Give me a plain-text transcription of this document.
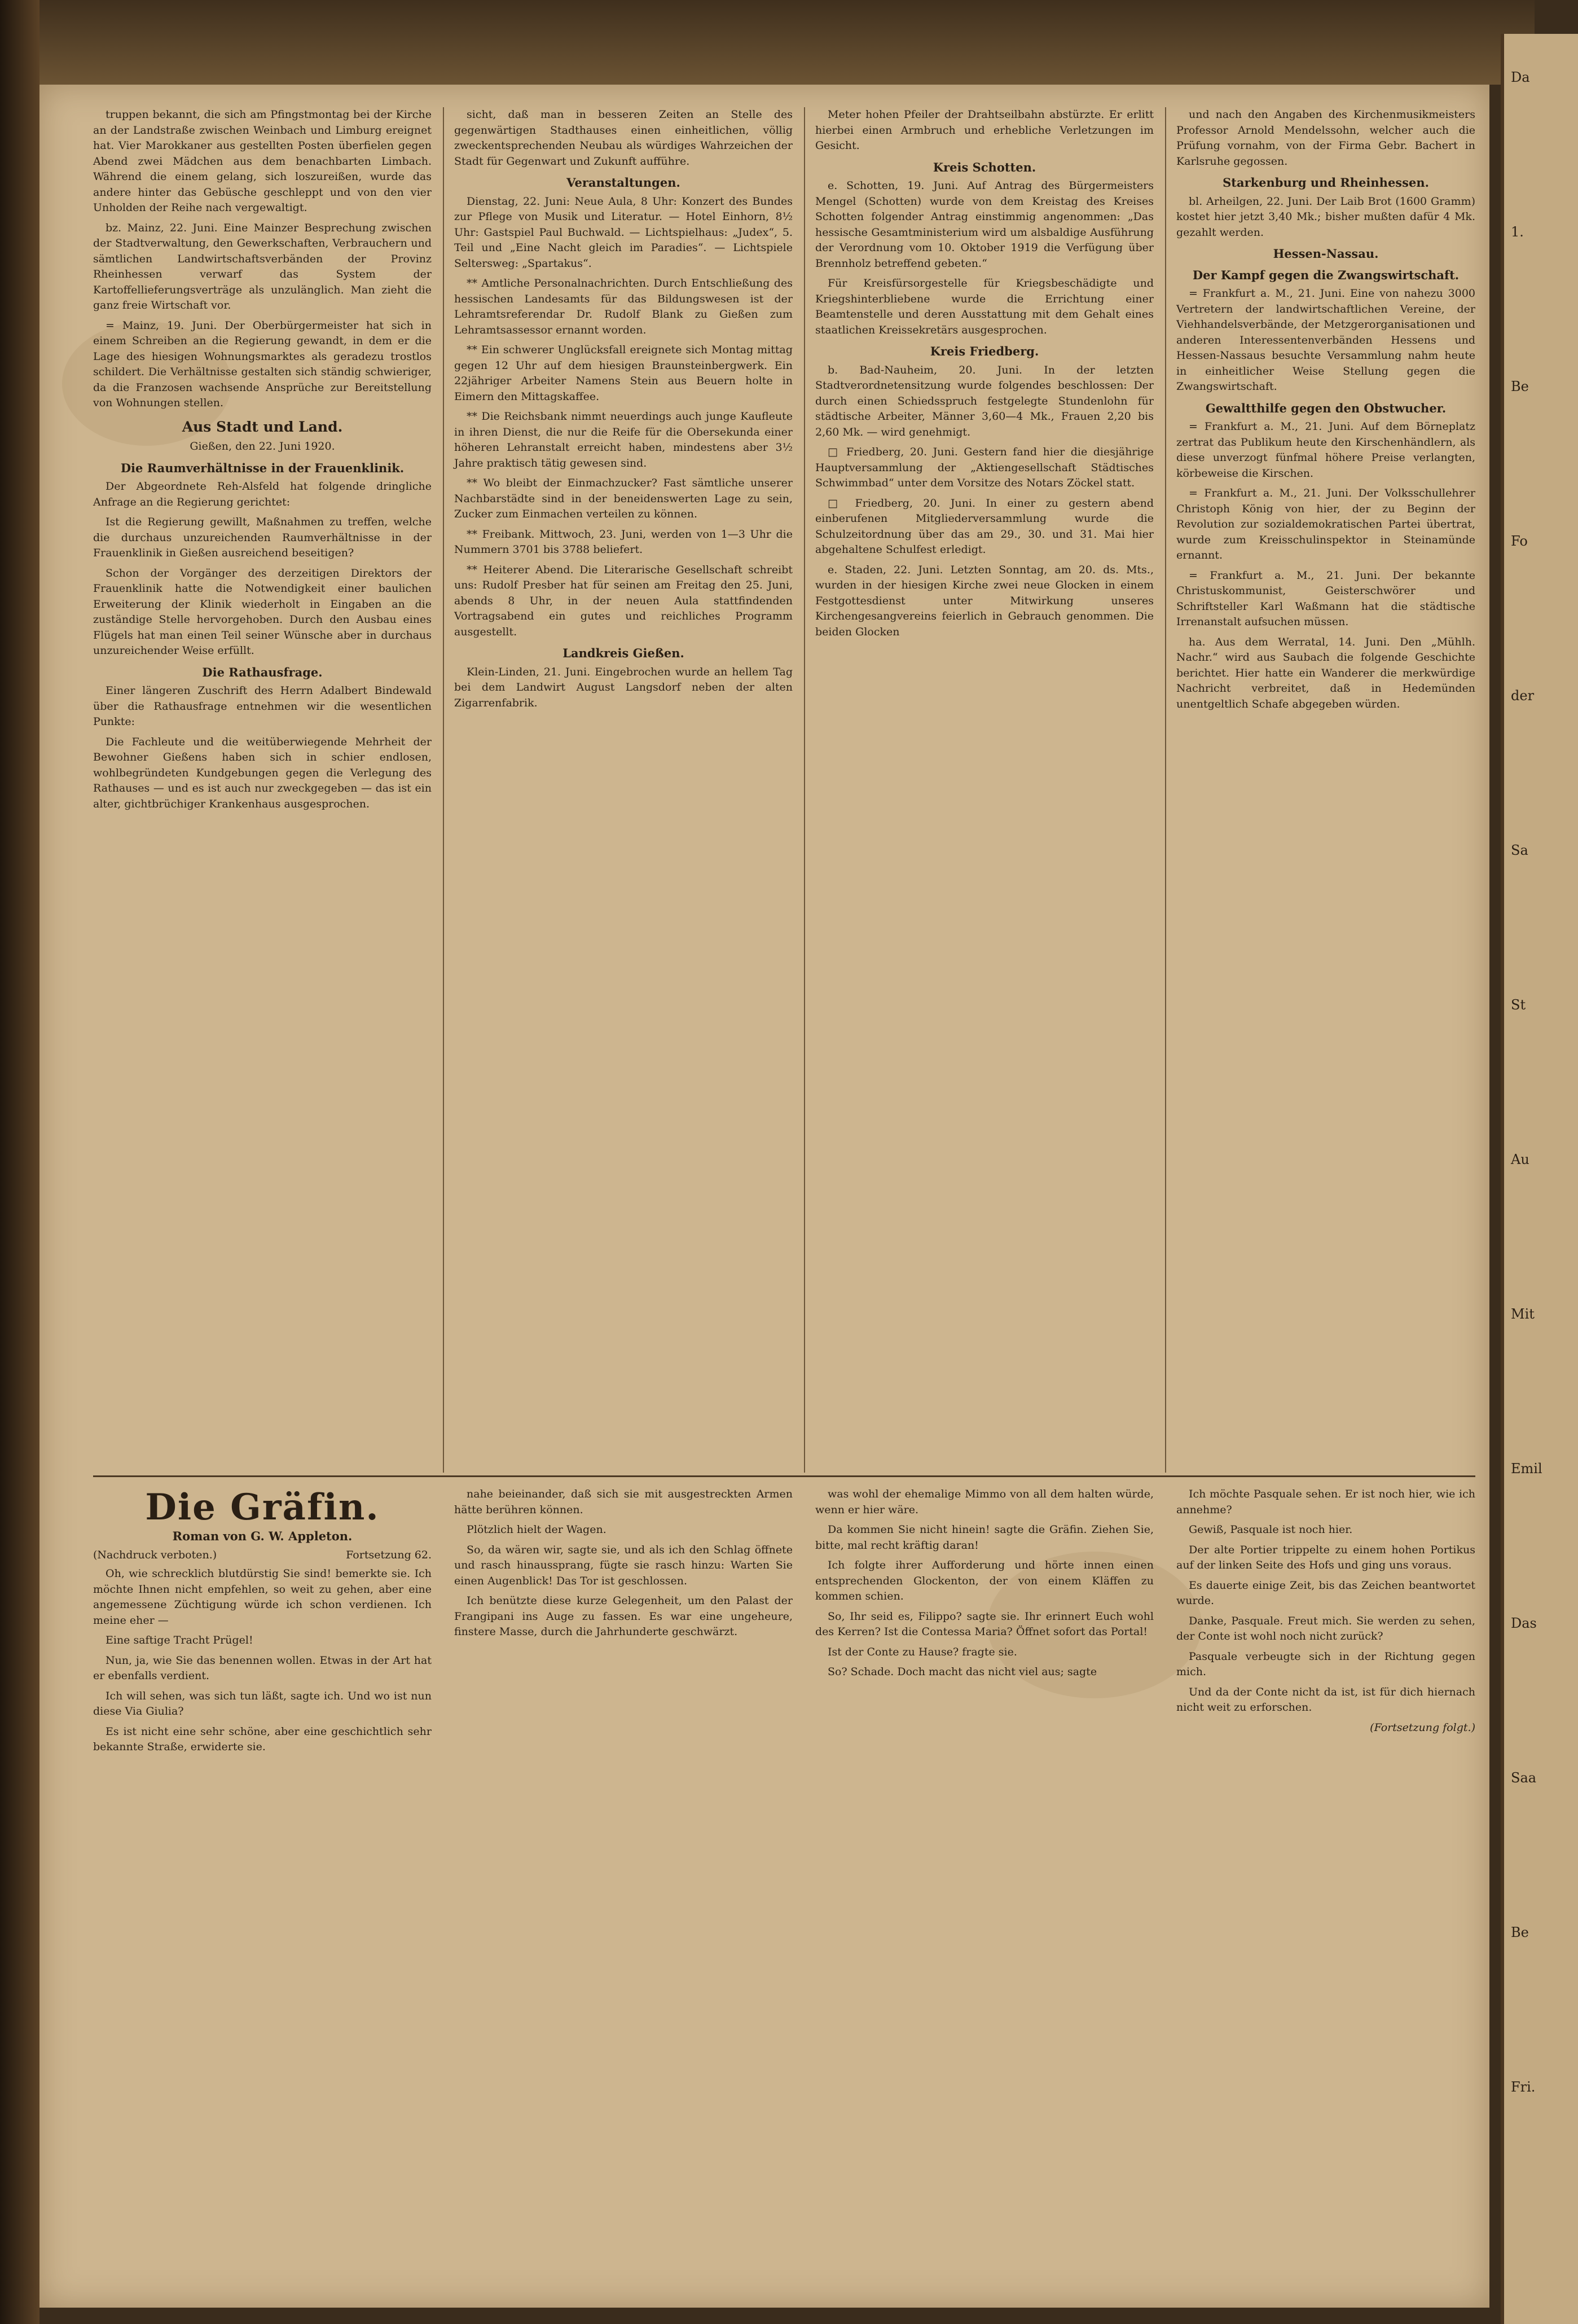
Da
1.
Be
Fo
der
Sa
St
Au
Mit
Emil
Das
Saa
Be
Fri.

truppen bekannt, die sich am Pfingstmontag bei der Kirche an der Landstraße zwischen Weinbach und Limburg ereignet hat. Vier Marokkaner aus gestellten Posten überfielen gegen Abend zwei Mädchen aus dem benachbarten Limbach. Während die einem gelang, sich loszureißen, wurde das andere hinter das Gebüsche geschleppt und von den vier Unholden der Reihe nach vergewaltigt.

bz. Mainz, 22. Juni. Eine Mainzer Besprechung zwischen der Stadtverwaltung, den Gewerkschaften, Verbrauchern und sämtlichen Landwirtschaftsverbänden der Provinz Rheinhessen verwarf das System der Kartoffellieferungsverträge als unzulänglich. Man zieht die ganz freie Wirtschaft vor.

= Mainz, 19. Juni. Der Oberbürgermeister hat sich in einem Schreiben an die Regierung gewandt, in dem er die Lage des hiesigen Wohnungsmarktes als geradezu trostlos schildert. Die Verhältnisse gestalten sich ständig schwieriger, da die Franzosen wachsende Ansprüche zur Bereitstellung von Wohnungen stellen.

Aus Stadt und Land.
Gießen, den 22. Juni 1920.
Die Raumverhältnisse in der Frauenklinik.

Der Abgeordnete Reh-Alsfeld hat folgende dringliche Anfrage an die Regierung gerichtet:

Ist die Regierung gewillt, Maßnahmen zu treffen, welche die durchaus unzureichenden Raumverhältnisse in der Frauenklinik in Gießen ausreichend beseitigen?

Schon der Vorgänger des derzeitigen Direktors der Frauenklinik hatte die Notwendigkeit einer baulichen Erweiterung der Klinik wiederholt in Eingaben an die zuständige Stelle hervorgehoben. Durch den Ausbau eines Flügels hat man einen Teil seiner Wünsche aber in durchaus unzureichender Weise erfüllt.

Die Rathausfrage.

Einer längeren Zuschrift des Herrn Adalbert Bindewald über die Rathausfrage entnehmen wir die wesentlichen Punkte:

Die Fachleute und die weitüberwiegende Mehrheit der Bewohner Gießens haben sich in schier endlosen, wohlbegründeten Kundgebungen gegen die Verlegung des Rathauses — und es ist auch nur zweckgegeben — das ist ein alter, gichtbrüchiger Krankenhaus ausgesprochen.

sicht, daß man in besseren Zeiten an Stelle des gegenwärtigen Stadthauses einen einheitlichen, völlig zweckentsprechenden Neubau als würdiges Wahrzeichen der Stadt für Gegenwart und Zukunft aufführe.

Veranstaltungen.

Dienstag, 22. Juni: Neue Aula, 8 Uhr: Konzert des Bundes zur Pflege von Musik und Literatur. — Hotel Einhorn, 8½ Uhr: Gastspiel Paul Buchwald. — Lichtspielhaus: „Judex“, 5. Teil und „Eine Nacht gleich im Paradies“. — Lichtspiele Seltersweg: „Spartakus“.

** Amtliche Personalnachrichten. Durch Entschließung des hessischen Landesamts für das Bildungswesen ist der Lehramtsreferendar Dr. Rudolf Blank zu Gießen zum Lehramtsassessor ernannt worden.

** Ein schwerer Unglücksfall ereignete sich Montag mittag gegen 12 Uhr auf dem hiesigen Braunsteinbergwerk. Ein 22jähriger Arbeiter Namens Stein aus Beuern holte in Eimern den Mittagskaffee.

** Die Reichsbank nimmt neuerdings auch junge Kaufleute in ihren Dienst, die nur die Reife für die Obersekunda einer höheren Lehranstalt erreicht haben, mindestens aber 3½ Jahre praktisch tätig gewesen sind.

** Wo bleibt der Einmachzucker? Fast sämtliche unserer Nachbarstädte sind in der beneidenswerten Lage zu sein, Zucker zum Einmachen verteilen zu können.

** Freibank. Mittwoch, 23. Juni, werden von 1—3 Uhr die Nummern 3701 bis 3788 beliefert.

** Heiterer Abend. Die Literarische Gesellschaft schreibt uns: Rudolf Presber hat für seinen am Freitag den 25. Juni, abends 8 Uhr, in der neuen Aula stattfindenden Vortragsabend ein gutes und reichliches Programm ausgestellt.

Landkreis Gießen.

Klein-Linden, 21. Juni. Eingebrochen wurde an hellem Tag bei dem Landwirt August Langsdorf neben der alten Zigarrenfabrik.

Meter hohen Pfeiler der Drahtseilbahn abstürzte. Er erlitt hierbei einen Armbruch und erhebliche Verletzungen im Gesicht.

Kreis Schotten.

e. Schotten, 19. Juni. Auf Antrag des Bürgermeisters Mengel (Schotten) wurde von dem Kreistag des Kreises Schotten folgender Antrag einstimmig angenommen: „Das hessische Gesamtministerium wird um alsbaldige Ausführung der Verordnung vom 10. Oktober 1919 die Verfügung über Brennholz betreffend gebeten.“

Für Kreisfürsorgestelle für Kriegsbeschädigte und Kriegshinterbliebene wurde die Errichtung einer Beamtenstelle und deren Ausstattung mit dem Gehalt eines staatlichen Kreissekretärs ausgesprochen.

Kreis Friedberg.

b. Bad-Nauheim, 20. Juni. In der letzten Stadtverordnetensitzung wurde folgendes beschlossen: Der durch einen Schiedsspruch festgelegte Stundenlohn für städtische Arbeiter, Männer 3,60—4 Mk., Frauen 2,20 bis 2,60 Mk. — wird genehmigt.

□ Friedberg, 20. Juni. Gestern fand hier die diesjährige Hauptversammlung der „Aktiengesellschaft Städtisches Schwimmbad“ unter dem Vorsitze des Notars Zöckel statt.

□ Friedberg, 20. Juni. In einer zu gestern abend einberufenen Mitgliederversammlung wurde die Schulzeitordnung über das am 29., 30. und 31. Mai hier abgehaltene Schulfest erledigt.

e. Staden, 22. Juni. Letzten Sonntag, am 20. ds. Mts., wurden in der hiesigen Kirche zwei neue Glocken in einem Festgottesdienst unter Mitwirkung unseres Kirchengesangvereins feierlich in Gebrauch genommen. Die beiden Glocken

und nach den Angaben des Kirchenmusikmeisters Professor Arnold Mendelssohn, welcher auch die Prüfung vornahm, von der Firma Gebr. Bachert in Karlsruhe gegossen.

Starkenburg und Rheinhessen.

bl. Arheilgen, 22. Juni. Der Laib Brot (1600 Gramm) kostet hier jetzt 3,40 Mk.; bisher mußten dafür 4 Mk. gezahlt werden.

Hessen-Nassau.
Der Kampf gegen die Zwangswirtschaft.

= Frankfurt a. M., 21. Juni. Eine von nahezu 3000 Vertretern der landwirtschaftlichen Vereine, der Viehhandelsverbände, der Metzgerorganisationen und anderen Interessentenverbänden Hessens und Hessen-Nassaus besuchte Versammlung nahm heute in einheitlicher Weise Stellung gegen die Zwangswirtschaft.

Gewaltthilfe gegen den Obstwucher.

= Frankfurt a. M., 21. Juni. Auf dem Börneplatz zertrat das Publikum heute den Kirschenhändlern, als diese unverzogt fünfmal höhere Preise verlangten, körbeweise die Kirschen.

= Frankfurt a. M., 21. Juni. Der Volksschullehrer Christoph König von hier, der zu Beginn der Revolution zur sozialdemokratischen Partei übertrat, wurde zum Kreisschulinspektor in Steinamünde ernannt.

= Frankfurt a. M., 21. Juni. Der bekannte Christuskommunist, Geisterschwörer und Schriftsteller Karl Waßmann hat die städtische Irrenanstalt aufsuchen müssen.

ha. Aus dem Werratal, 14. Juni. Den „Mühlh. Nachr.“ wird aus Saubach die folgende Geschichte berichtet. Hier hatte ein Wanderer die merkwürdige Nachricht verbreitet, daß in Hedemünden unentgeltlich Schafe abgegeben würden.

Die Gräfin.
Roman von G. W. Appleton.
(Nachdruck verboten.)	Fortsetzung 62.

Oh, wie schrecklich blutdürstig Sie sind! bemerkte sie. Ich möchte Ihnen nicht empfehlen, so weit zu gehen, aber eine angemessene Züchtigung würde ich schon verdienen. Ich meine eher —

Eine saftige Tracht Prügel!

Nun, ja, wie Sie das benennen wollen. Etwas in der Art hat er ebenfalls verdient.

Ich will sehen, was sich tun läßt, sagte ich. Und wo ist nun diese Via Giulia?

Es ist nicht eine sehr schöne, aber eine geschichtlich sehr bekannte Straße, erwiderte sie.

nahe beieinander, daß sich sie mit ausgestreckten Armen hätte berühren können.

Plötzlich hielt der Wagen.

So, da wären wir, sagte sie, und als ich den Schlag öffnete und rasch hinaussprang, fügte sie rasch hinzu: Warten Sie einen Augenblick! Das Tor ist geschlossen.

Ich benützte diese kurze Gelegenheit, um den Palast der Frangipani ins Auge zu fassen. Es war eine ungeheure, finstere Masse, durch die Jahrhunderte geschwärzt.

was wohl der ehemalige Mimmo von all dem halten würde, wenn er hier wäre.

Da kommen Sie nicht hinein! sagte die Gräfin. Ziehen Sie, bitte, mal recht kräftig daran!

Ich folgte ihrer Aufforderung und hörte innen einen entsprechenden Glockenton, der von einem Kläffen zu kommen schien.

So, Ihr seid es, Filippo? sagte sie. Ihr erinnert Euch wohl des Kerren? Ist die Contessa Maria? Öffnet sofort das Portal!

Ist der Conte zu Hause? fragte sie.

So? Schade. Doch macht das nicht viel aus; sagte

Ich möchte Pasquale sehen. Er ist noch hier, wie ich annehme?

Gewiß, Pasquale ist noch hier.

Der alte Portier trippelte zu einem hohen Portikus auf der linken Seite des Hofs und ging uns voraus.

Es dauerte einige Zeit, bis das Zeichen beantwortet wurde.

Danke, Pasquale. Freut mich. Sie werden zu sehen, der Conte ist wohl noch nicht zurück?

Pasquale verbeugte sich in der Richtung gegen mich.

Und da der Conte nicht da ist, ist für dich hiernach nicht weit zu erforschen.

(Fortsetzung folgt.)
